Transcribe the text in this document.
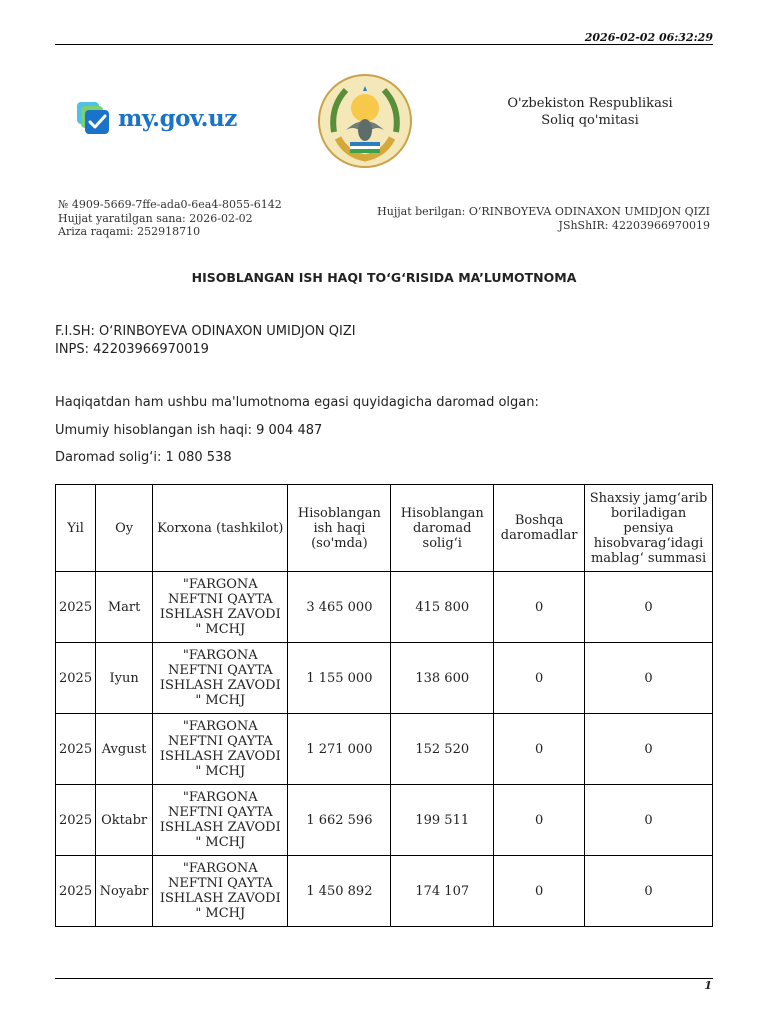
2026-02-02 06:32:29
my.gov.uz
O'zbekiston Respublikasi
Soliq qo'mitasi
№ 4909-5669-7ffe-ada0-6ea4-8055-6142
Hujjat yaratilgan sana: 2026-02-02
Ariza raqami: 252918710
Hujjat berilgan: O‘RINBOYEVA ODINAXON UMIDJON QIZI
JShShIR: 42203966970019
HISOBLANGAN ISH HAQI TO‘G‘RISIDA MA’LUMOTNOMA
F.I.SH: O‘RINBOYEVA ODINAXON UMIDJON QIZI
INPS: 42203966970019
Haqiqatdan ham ushbu ma'lumotnoma egasi quyidagicha daromad olgan:
Umumiy hisoblangan ish haqi: 9 004 487
Daromad solig‘i: 1 080 538
Yil	Oy	Korxona (tashkilot)	Hisoblangan ish haqi (so'mda)	Hisoblangan daromad solig‘i	Boshqa daromadlar	Shaxsiy jamg‘arib boriladigan pensiya hisobvarag‘idagi mablag‘ summasi
2025	Mart	"FARGONA NEFTNI QAYTA ISHLASH ZAVODI " MCHJ	3 465 000	415 800	0	0
2025	Iyun	"FARGONA NEFTNI QAYTA ISHLASH ZAVODI " MCHJ	1 155 000	138 600	0	0
2025	Avgust	"FARGONA NEFTNI QAYTA ISHLASH ZAVODI " MCHJ	1 271 000	152 520	0	0
2025	Oktabr	"FARGONA NEFTNI QAYTA ISHLASH ZAVODI " MCHJ	1 662 596	199 511	0	0
2025	Noyabr	"FARGONA NEFTNI QAYTA ISHLASH ZAVODI " MCHJ	1 450 892	174 107	0	0
1
